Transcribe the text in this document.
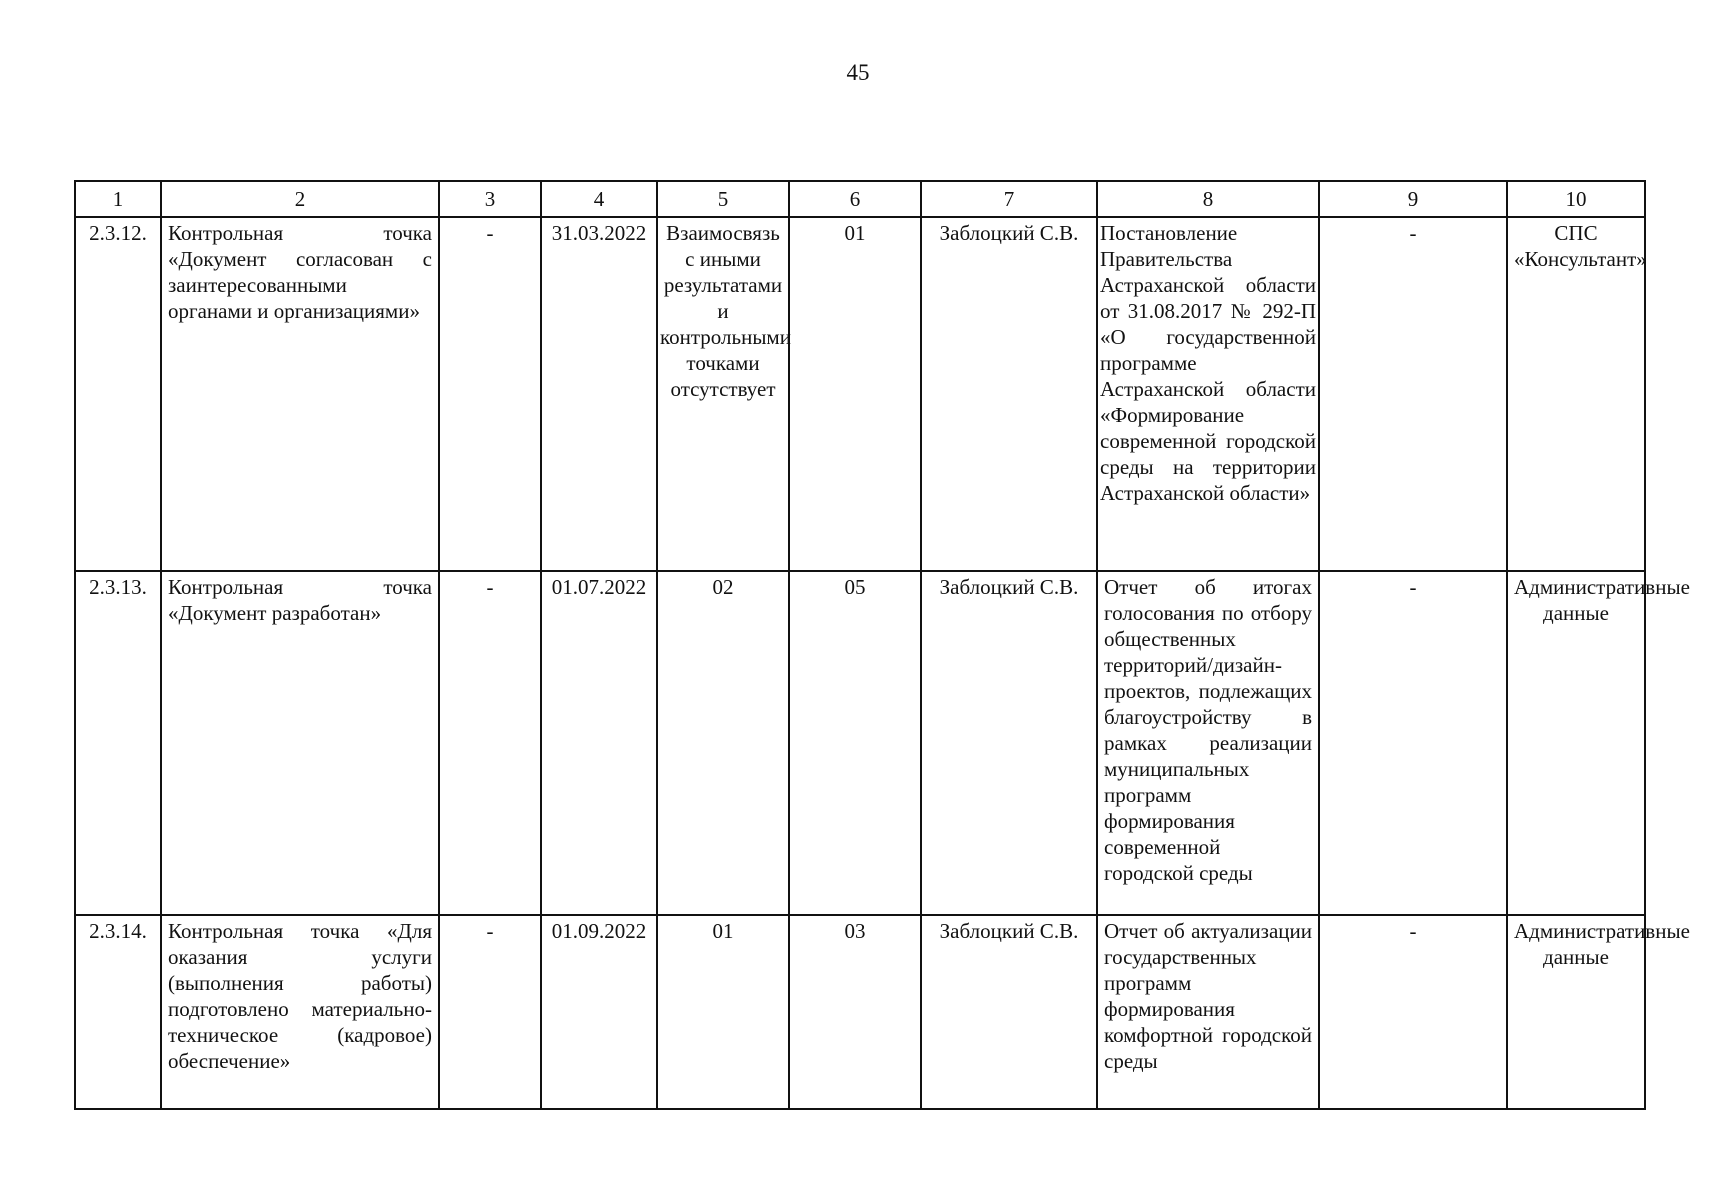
45
1	2	3	4	5	6	7	8	9	10
2.3.12.	Контрольная точка «Документ согласован с заинтересованными органами и организациями»	-	31.03.2022	Взаимосвязь с иными результатами и контрольными точками отсутствует	01	Заблоцкий С.В.	Постановление Правительства Астраханской области от 31.08.2017 № 292-П «О государственной программе Астраханской области «Формирование современной городской среды на территории Астраханской области»	-	СПС «Консультант»
2.3.13.	Контрольная точка «Документ разработан»	-	01.07.2022	02	05	Заблоцкий С.В.	Отчет об итогах голосования по отбору общественных территорий/дизайн-проектов, подлежащих благоустройству в рамках реализации муниципальных программ формирования современной городской среды	-	Административные данные
2.3.14.	Контрольная точка «Для оказания услуги (выполнения работы) подготовлено материально-техническое (кадровое) обеспечение»	-	01.09.2022	01	03	Заблоцкий С.В.	Отчет об актуализации государственных программ формирования комфортной городской среды	-	Административные данные
